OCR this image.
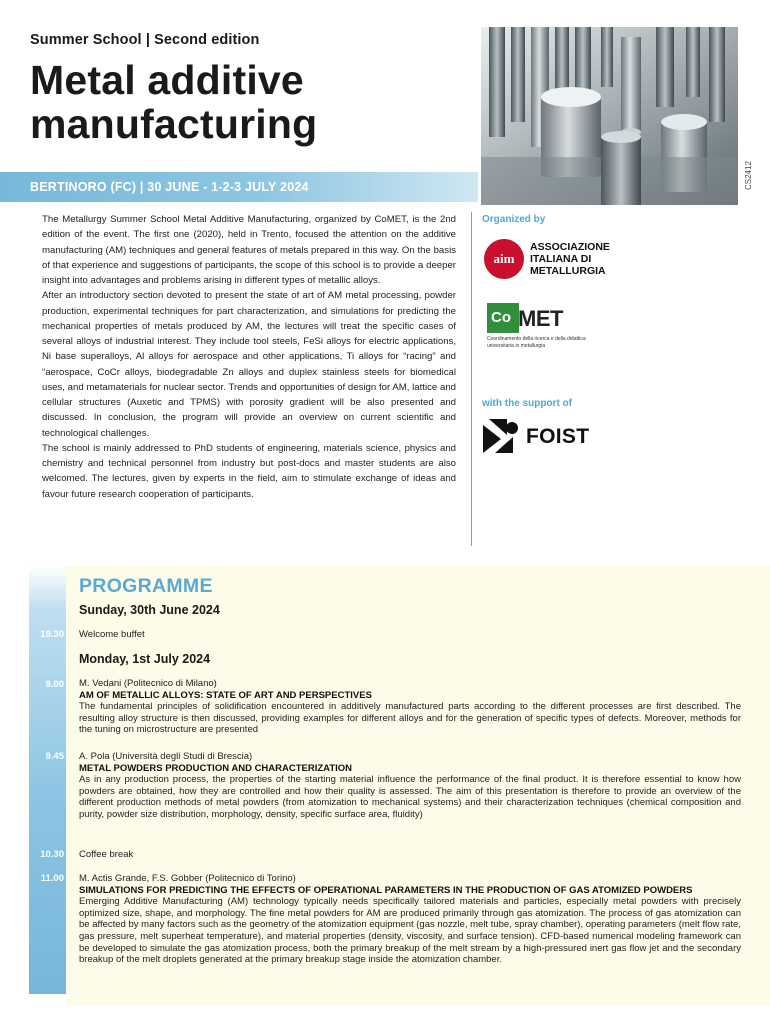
Summer School | Second edition
Metal additive
manufacturing
BERTINORO (FC) | 30 JUNE - 1-2-3 JULY 2024	CS2412

The Metallurgy Summer School Metal Additive Manufacturing, organized by CoMET, is the 2nd edition of the event. The first one (2020), held in Trento, focused the attention on the additive manufacturing (AM) techniques and general features of metals prepared in this way. On the basis of that experience and suggestions of participants, the scope of this school is to provide a deeper insight into advantages and problems arising in different types of metallic alloys.

After an introductory section devoted to present the state of art of AM metal processing, powder production, experimental techniques for part characterization, and simulations for predicting the mechanical properties of metals produced by AM, the lectures will treat the specific cases of several alloys of industrial interest. They include tool steels, FeSi alloys for electric applications, Ni base superalloys, Al alloys for aerospace and other applications, Ti alloys for “racing” and “aerospace, CoCr alloys, biodegradable Zn alloys and duplex stainless steels for biomedical uses, and metamaterials for nuclear sector. Trends and opportunities of design for AM, lattice and cellular structures (Auxetic and TPMS) with porosity gradient will be also presented and discussed. In conclusion, the program will provide an overview on current scientific and technological challenges.

The school is mainly addressed to PhD students of engineering, materials science, physics and chemistry and technical personnel from industry but post-docs and master students are also welcomed. The lectures, given by experts in the field, aim to stimulate exchange of ideas and favour future research cooperation of participants.

Organized by
aim
ASSOCIAZIONE
ITALIANA DI
METALLURGIA
Co MET
Coordinamento della ricerca e della didattica universitaria in metallurgia
with the support of
FOIST
PROGRAMME
Sunday, 30th June 2024
19.30 Welcome buffet
Monday, 1st July 2024
9.00 M. Vedani (Politecnico di Milano)
AM OF METALLIC ALLOYS: STATE OF ART AND PERSPECTIVES
The fundamental principles of solidification encountered in additively manufactured parts according to the different processes are first described. The resulting alloy structure is then discussed, providing examples for different alloys and for the generation of specific types of defects. Moreover, methods for the tuning on microstructure are presented
9.45 A. Pola (Università degli Studi di Brescia)
METAL POWDERS PRODUCTION AND CHARACTERIZATION
As in any production process, the properties of the starting material influence the performance of the final product. It is therefore essential to know how powders are obtained, how they are controlled and how their quality is assessed. The aim of this presentation is therefore to provide an overview of the different production methods of metal powders (from atomization to mechanical systems) and their characterization techniques (chemical composition and purity, powder size distribution, morphology, density, specific surface area, fluidity)
10.30 Coffee break
11.00 M. Actis Grande, F.S. Gobber (Politecnico di Torino)
SIMULATIONS FOR PREDICTING THE EFFECTS OF OPERATIONAL PARAMETERS IN THE PRODUCTION OF GAS ATOMIZED POWDERS
Emerging Additive Manufacturing (AM) technology typically needs specifically tailored materials and particles, especially metal powders with precisely optimized size, shape, and morphology. The fine metal powders for AM are produced primarily through gas atomization. The process of gas atomization can be affected by many factors such as the geometry of the atomization equipment (gas nozzle, melt tube, spray chamber), operating parameters (melt flow rate, gas pressure, melt superheat temperature), and material properties (density, viscosity, and surface tension). CFD-based numerical modeling framework can be developed to simulate the gas atomization process, both the primary breakup of the melt stream by a high-pressured inert gas flow jet and the secondary breakup of the melt droplets generated at the primary breakup stage inside the atomization chamber.
